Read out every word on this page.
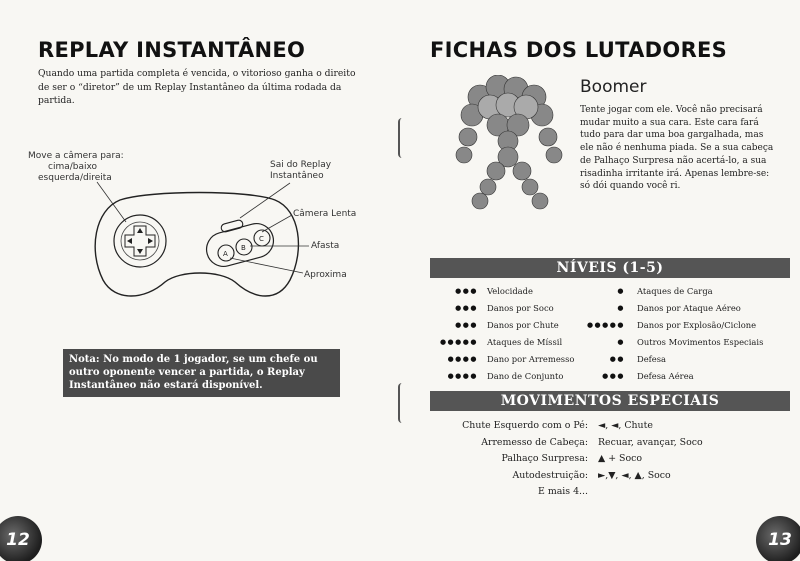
REPLAY INSTANTÂNEO
Quando uma partida completa é vencida, o vitorioso ganha o direito de ser o “diretor” de um Replay Instantâneo da última rodada da partida.
Move a câmera para:
cima/baixo
esquerda/direita
Sai do Replay
Instantâneo
Câmera Lenta
Afasta
Aproxima
A
B
C
Nota: No modo de 1 jogador, se um chefe ou outro oponente vencer a partida, o Replay Instantâneo não estará disponível.
12
FICHAS DOS LUTADORES
Boomer
Tente jogar com ele. Você não precisará mudar muito a sua cara. Este cara fará tudo para dar uma boa gargalhada, mas ele não é nenhuma piada. Se a sua cabeça de Palhaço Surpresa não acertá-lo, a sua risadinha irritante irá. Apenas lembre-se: só dói quando você ri.
NÍVEIS (1-5)
●●● Velocidade
●●● Danos por Soco
●●● Danos por Chute
●●●●● Ataques de Míssil
●●●● Dano por Arremesso
●●●● Dano de Conjunto
● Ataques de Carga
● Danos por Ataque Aéreo
●●●●● Danos por Explosão/Ciclone
● Outros Movimentos Especiais
●● Defesa
●●● Defesa Aérea
MOVIMENTOS ESPECIAIS
Chute Esquerdo com o Pé: ◄, ◄, Chute
Arremesso de Cabeça: Recuar, avançar, Soco
Palhaço Surpresa: ▲ + Soco
Autodestruição: ►,▼, ◄, ▲, Soco
E mais 4...
13
